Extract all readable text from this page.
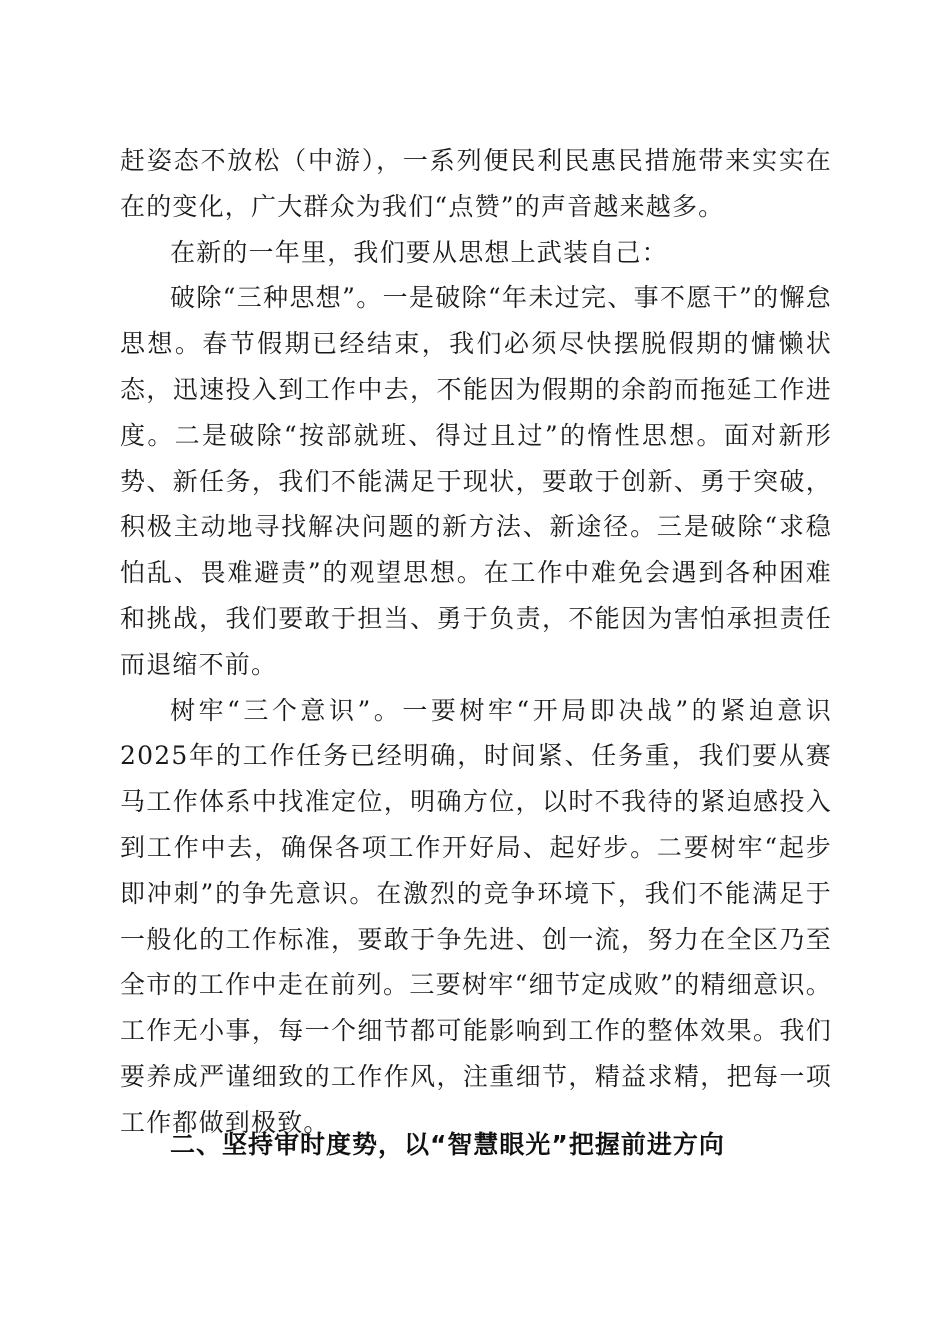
赶姿态不放松（中游），一系列便民利民惠民措施带来实实在在的变化，广大群众为我们“点赞”的声音越来越多。

在新的一年里，我们要从思想上武装自己：

破除“三种思想”。一是破除“年未过完、事不愿干”的懈怠思想。春节假期已经结束，我们必须尽快摆脱假期的慵懒状态，迅速投入到工作中去，不能因为假期的余韵而拖延工作进度。二是破除“按部就班、得过且过”的惰性思想。面对新形势、新任务，我们不能满足于现状，要敢于创新、勇于突破，积极主动地寻找解决问题的新方法、新途径。三是破除“求稳怕乱、畏难避责”的观望思想。在工作中难免会遇到各种困难和挑战，我们要敢于担当、勇于负责，不能因为害怕承担责任而退缩不前。

树牢“三个意识”。一要树牢“开局即决战”的紧迫意识2025年的工作任务已经明确，时间紧、任务重，我们要从赛马工作体系中找准定位，明确方位，以时不我待的紧迫感投入到工作中去，确保各项工作开好局、起好步。二要树牢“起步即冲刺”的争先意识。在激烈的竞争环境下，我们不能满足于一般化的工作标准，要敢于争先进、创一流，努力在全区乃至全市的工作中走在前列。三要树牢“细节定成败”的精细意识。工作无小事，每一个细节都可能影响到工作的整体效果。我们要养成严谨细致的工作作风，注重细节，精益求精，把每一项工作都做到极致。

二、坚持审时度势，以“智慧眼光”把握前进方向
